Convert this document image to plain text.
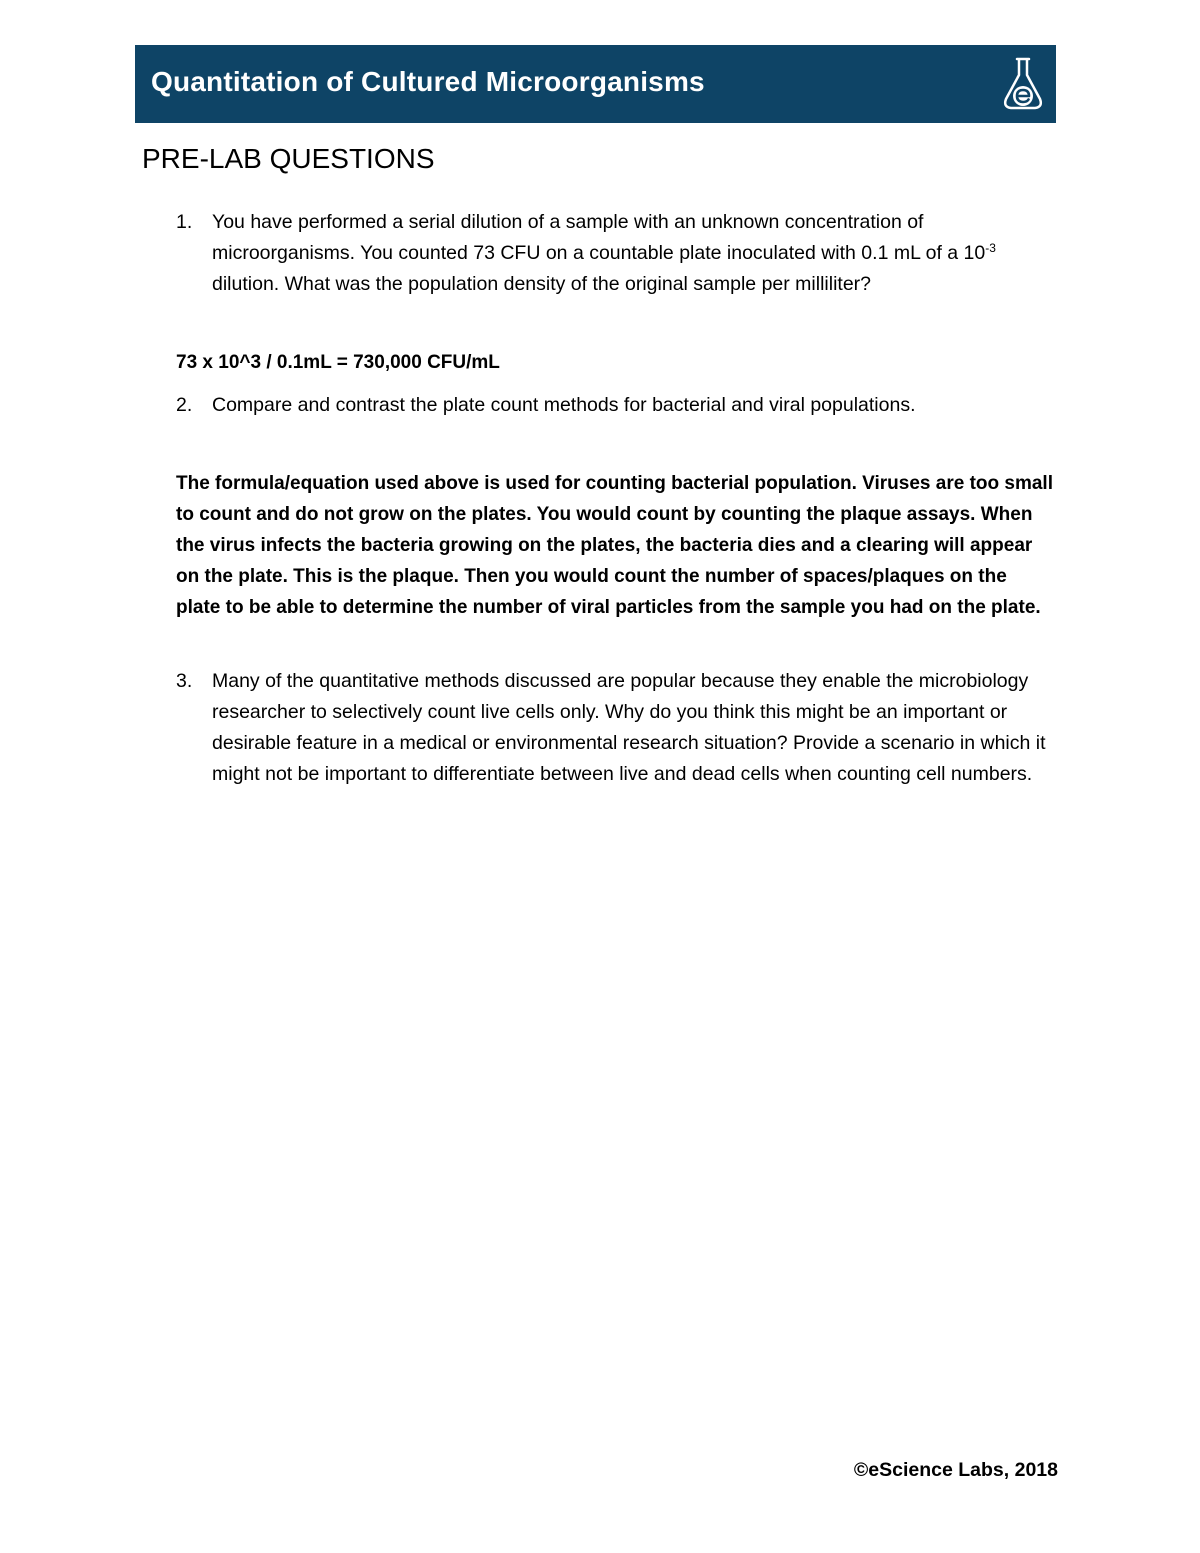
Quantitation of Cultured Microorganisms
PRE-LAB QUESTIONS
1. You have performed a serial dilution of a sample with an unknown concentration of microorganisms. You counted 73 CFU on a countable plate inoculated with 0.1 mL of a $10^{-3}$ dilution. What was the population density of the original sample per milliliter?
73 x 10^3 / 0.1mL = 730,000 CFU/mL
2. Compare and contrast the plate count methods for bacterial and viral populations.
The formula/equation used above is used for counting bacterial population. Viruses are too small to count and do not grow on the plates. You would count by counting the plaque assays. When the virus infects the bacteria growing on the plates, the bacteria dies and a clearing will appear on the plate. This is the plaque. Then you would count the number of spaces/plaques on the plate to be able to determine the number of viral particles from the sample you had on the plate.
3. Many of the quantitative methods discussed are popular because they enable the microbiology researcher to selectively count live cells only. Why do you think this might be an important or desirable feature in a medical or environmental research situation? Provide a scenario in which it might not be important to differentiate between live and dead cells when counting cell numbers.
©eScience Labs, 2018
